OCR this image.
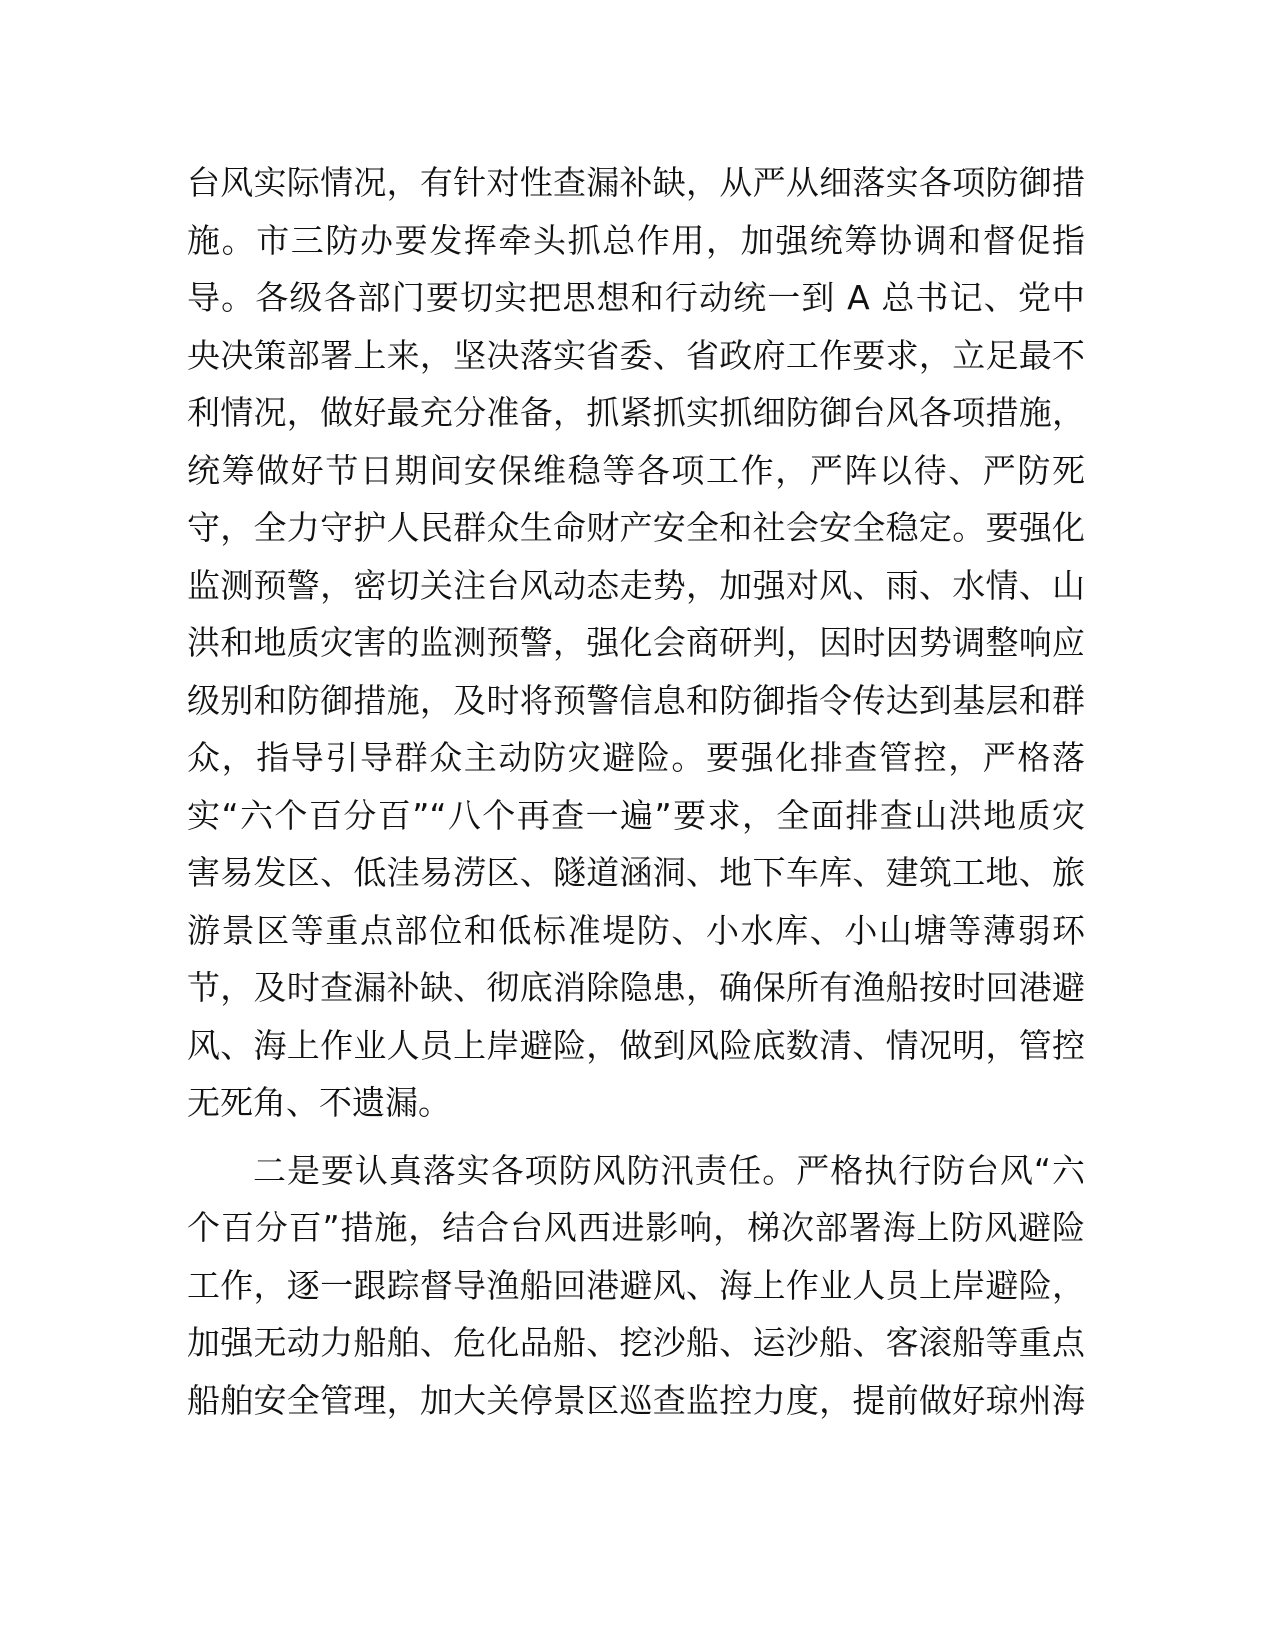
台风实际情况，有针对性查漏补缺，从严从细落实各项防御措
施。市三防办要发挥牵头抓总作用，加强统筹协调和督促指
导。各级各部门要切实把思想和行动统一到 A 总书记、党中
央决策部署上来，坚决落实省委、省政府工作要求，立足最不
利情况，做好最充分准备，抓紧抓实抓细防御台风各项措施，
统筹做好节日期间安保维稳等各项工作，严阵以待、严防死
守，全力守护人民群众生命财产安全和社会安全稳定。要强化
监测预警，密切关注台风动态走势，加强对风、雨、水情、山
洪和地质灾害的监测预警，强化会商研判，因时因势调整响应
级别和防御措施，及时将预警信息和防御指令传达到基层和群
众，指导引导群众主动防灾避险。要强化排查管控，严格落
实“六个百分百”“八个再查一遍”要求，全面排查山洪地质灾
害易发区、低洼易涝区、隧道涵洞、地下车库、建筑工地、旅
游景区等重点部位和低标准堤防、小水库、小山塘等薄弱环
节，及时查漏补缺、彻底消除隐患，确保所有渔船按时回港避
风、海上作业人员上岸避险，做到风险底数清、情况明，管控
无死角、不遗漏。
二是要认真落实各项防风防汛责任。严格执行防台风“六
个百分百”措施，结合台风西进影响，梯次部署海上防风避险
工作，逐一跟踪督导渔船回港避风、海上作业人员上岸避险，
加强无动力船舶、危化品船、挖沙船、运沙船、客滚船等重点
船舶安全管理，加大关停景区巡查监控力度，提前做好琼州海
